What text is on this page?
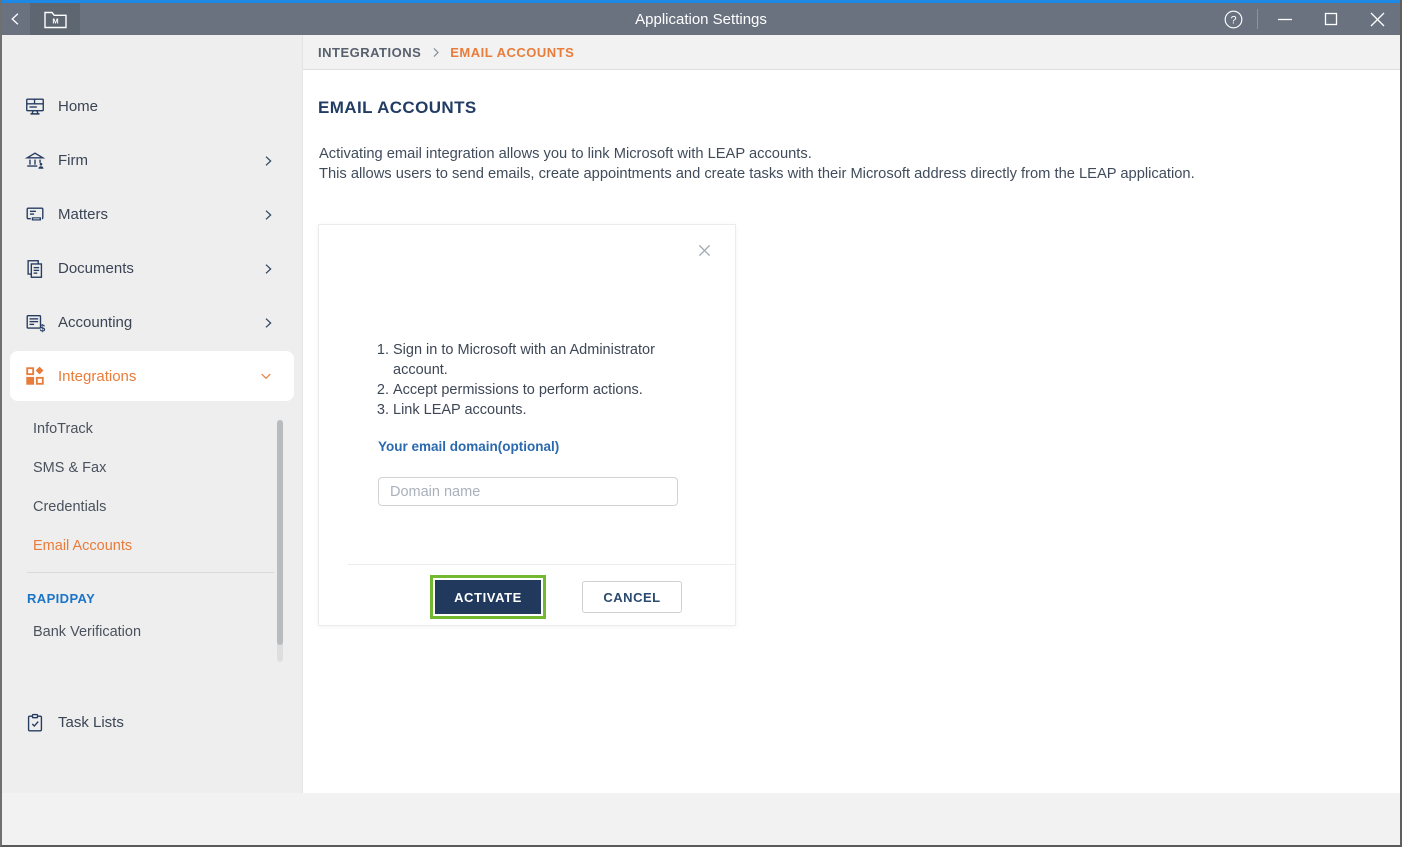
M	Application Settings	?
Home
Firm
Matters
Documents
$ Accounting
Integrations
InfoTrack
SMS & Fax
Credentials
Email Accounts
RAPIDPAY
Bank Verification
Task Lists
INTEGRATIONS EMAIL ACCOUNTS
EMAIL ACCOUNTS
Activating email integration allows you to link Microsoft with LEAP accounts.
This allows users to send emails, create appointments and create tasks with their Microsoft address directly from the LEAP application.
1. Sign in to Microsoft with an Administrator account.
2. Accept permissions to perform actions.
3. Link LEAP accounts.
Your email domain(optional)
Domain name
ACTIVATE	CANCEL
